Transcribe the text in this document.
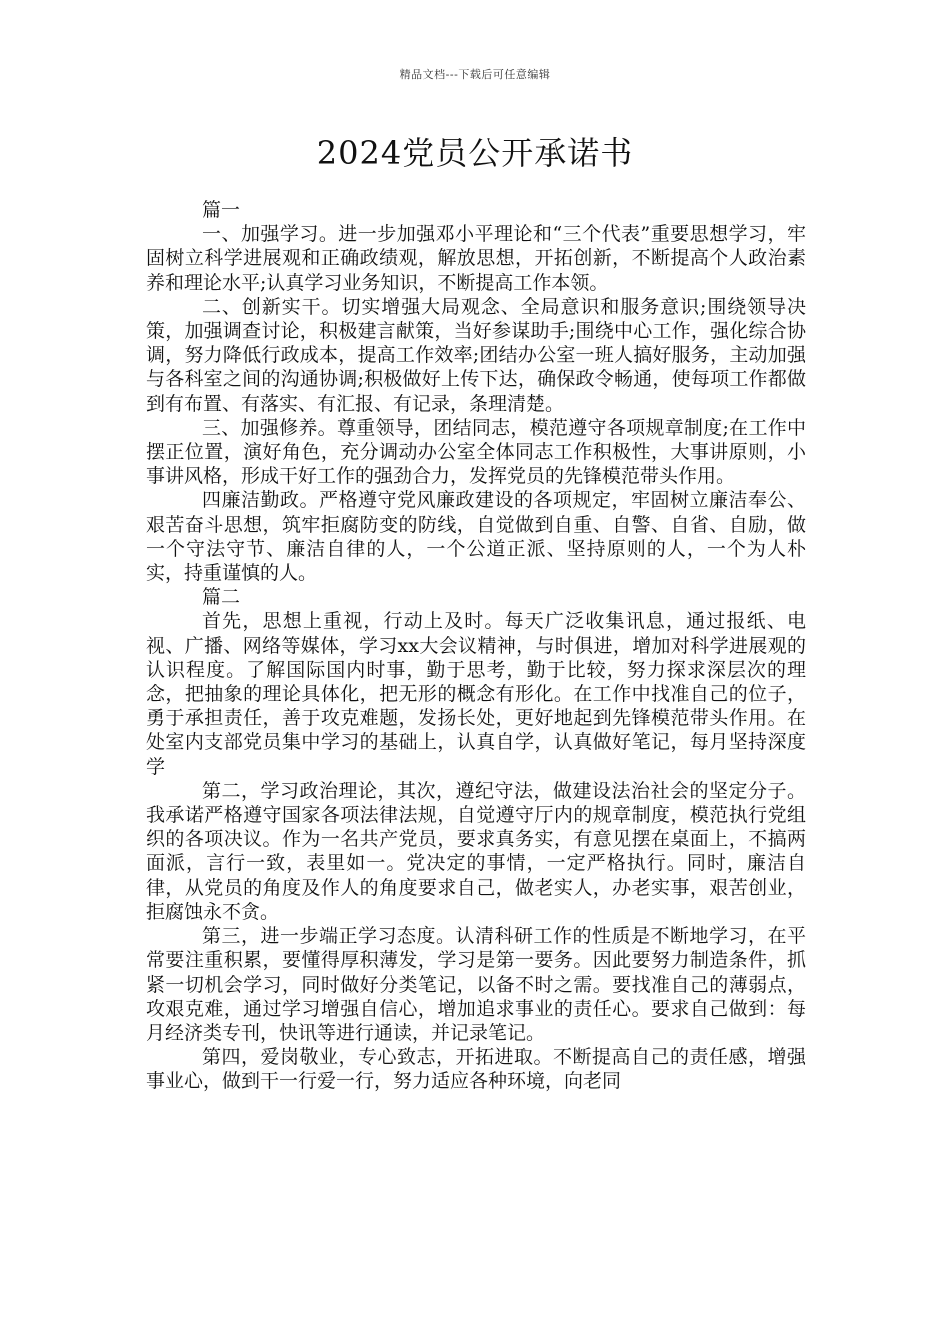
精品文档---下载后可任意编辑
2024党员公开承诺书

篇一

一、加强学习。进一步加强邓小平理论和“三个代表”重要思想学习，牢固树立科学进展观和正确政绩观，解放思想，开拓创新，不断提高个人政治素养和理论水平;认真学习业务知识，不断提高工作本领。

二、创新实干。切实增强大局观念、全局意识和服务意识;围绕领导决策，加强调查讨论，积极建言献策，当好参谋助手;围绕中心工作，强化综合协调，努力降低行政成本，提高工作效率;团结办公室一班人搞好服务，主动加强与各科室之间的沟通协调;积极做好上传下达，确保政令畅通，使每项工作都做到有布置、有落实、有汇报、有记录，条理清楚。

三、加强修养。尊重领导，团结同志，模范遵守各项规章制度;在工作中摆正位置，演好角色，充分调动办公室全体同志工作积极性，大事讲原则，小事讲风格，形成干好工作的强劲合力，发挥党员的先锋模范带头作用。

四廉洁勤政。严格遵守党风廉政建设的各项规定，牢固树立廉洁奉公、艰苦奋斗思想，筑牢拒腐防变的防线，自觉做到自重、自警、自省、自励，做一个守法守节、廉洁自律的人，一个公道正派、坚持原则的人，一个为人朴实，持重谨慎的人。

篇二

首先，思想上重视，行动上及时。每天广泛收集讯息，通过报纸、电视、广播、网络等媒体，学习xx大会议精神，与时俱进，增加对科学进展观的认识程度。了解国际国内时事，勤于思考，勤于比较，努力探求深层次的理念，把抽象的理论具体化，把无形的概念有形化。在工作中找准自己的位子，勇于承担责任，善于攻克难题，发扬长处，更好地起到先锋模范带头作用。在处室内支部党员集中学习的基础上，认真自学，认真做好笔记，每月坚持深度学

第二，学习政治理论，其次，遵纪守法，做建设法治社会的坚定分子。我承诺严格遵守国家各项法律法规，自觉遵守厅内的规章制度，模范执行党组织的各项决议。作为一名共产党员，要求真务实，有意见摆在桌面上，不搞两面派，言行一致，表里如一。党决定的事情，一定严格执行。同时，廉洁自律，从党员的角度及作人的角度要求自己，做老实人，办老实事，艰苦创业，拒腐蚀永不贪。

第三，进一步端正学习态度。认清科研工作的性质是不断地学习，在平常要注重积累，要懂得厚积薄发，学习是第一要务。因此要努力制造条件，抓紧一切机会学习，同时做好分类笔记，以备不时之需。要找准自己的薄弱点，攻艰克难，通过学习增强自信心，增加追求事业的责任心。要求自己做到：每月经济类专刊，快讯等进行通读，并记录笔记。

第四，爱岗敬业，专心致志，开拓进取。不断提高自己的责任感，增强事业心，做到干一行爱一行，努力适应各种环境，向老同
